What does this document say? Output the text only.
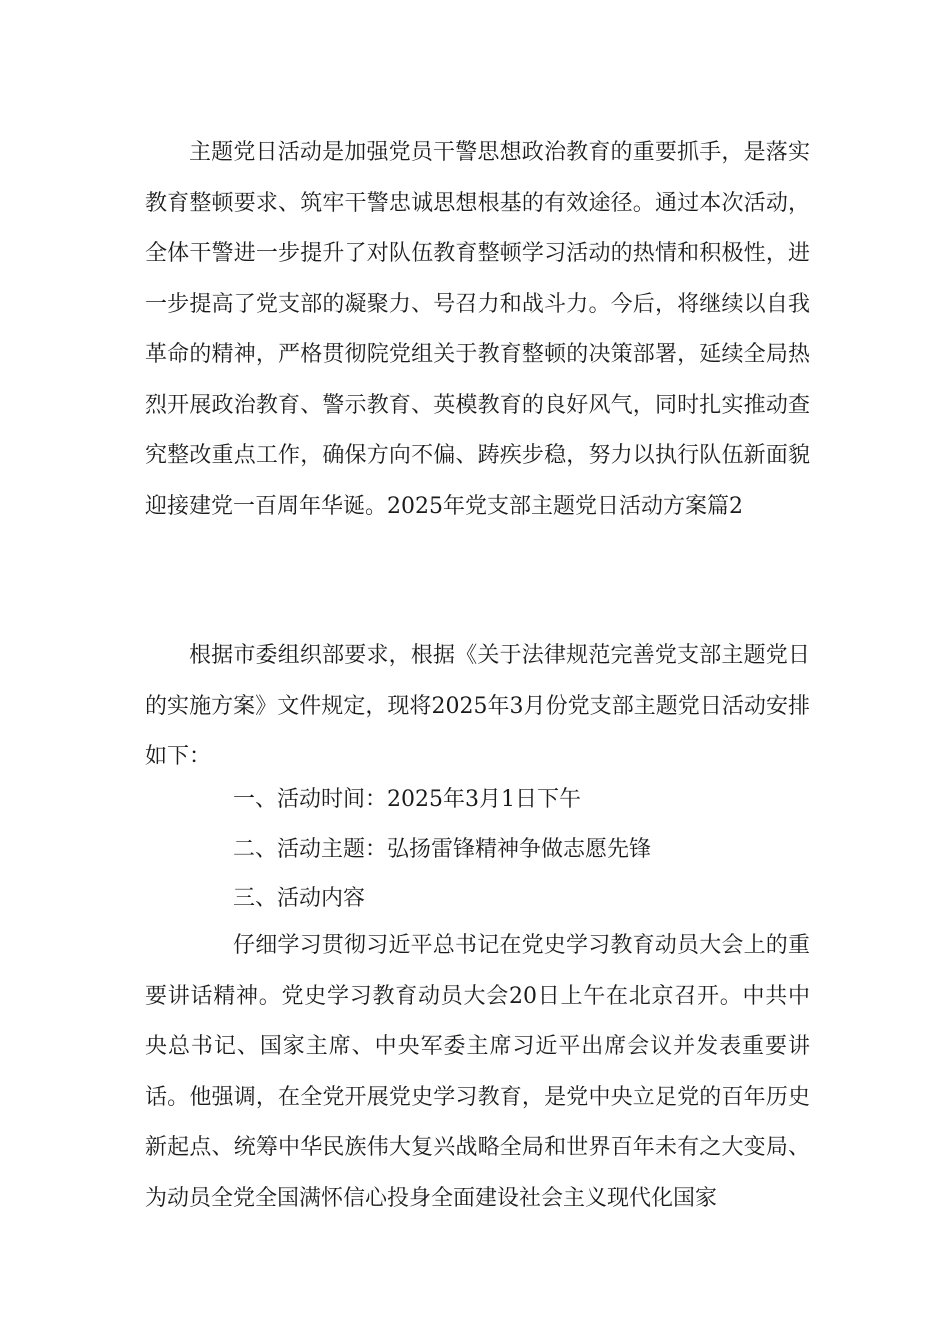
主题党日活动是加强党员干警思想政治教育的重要抓手，是落实教育整顿要求、筑牢干警忠诚思想根基的有效途径。通过本次活动，全体干警进一步提升了对队伍教育整顿学习活动的热情和积极性，进一步提高了党支部的凝聚力、号召力和战斗力。今后，将继续以自我革命的精神，严格贯彻院党组关于教育整顿的决策部署，延续全局热烈开展政治教育、警示教育、英模教育的良好风气，同时扎实推动查究整改重点工作，确保方向不偏、踌疾步稳，努力以执行队伍新面貌迎接建党一百周年华诞。2025年党支部主题党日活动方案篇2

根据市委组织部要求，根据《关于法律规范完善党支部主题党日的实施方案》文件规定，现将2025年3月份党支部主题党日活动安排如下：

一、活动时间：2025年3月1日下午

二、活动主题：弘扬雷锋精神争做志愿先锋

三、活动内容

仔细学习贯彻习近平总书记在党史学习教育动员大会上的重要讲话精神。党史学习教育动员大会20日上午在北京召开。中共中央总书记、国家主席、中央军委主席习近平出席会议并发表重要讲话。他强调，在全党开展党史学习教育，是党中央立足党的百年历史新起点、统筹中华民族伟大复兴战略全局和世界百年未有之大变局、为动员全党全国满怀信心投身全面建设社会主义现代化国家
